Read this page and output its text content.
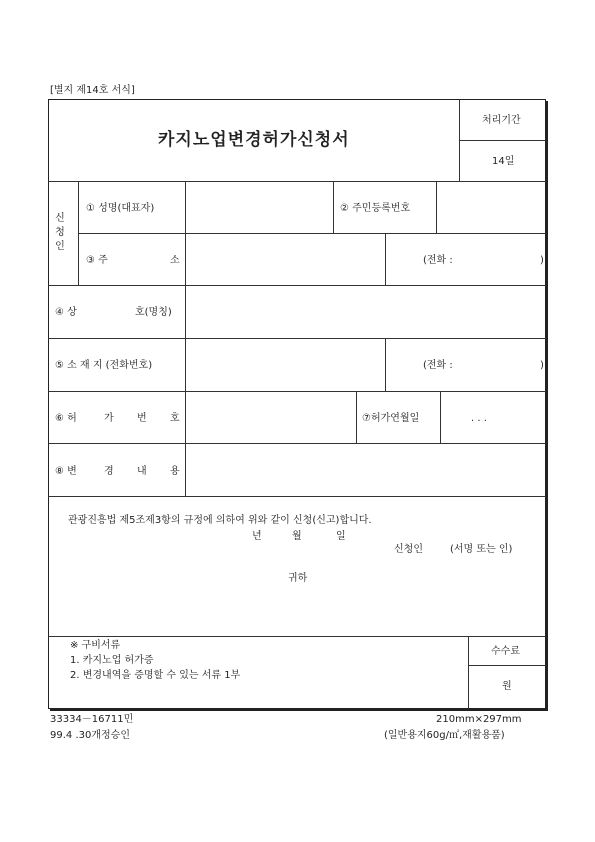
[별지 제14호 서식]
카지노업변경허가신청서
처리기간
14일
신
청
인
① 성명(대표자)	② 주민등록번호
③ 주	소	(전화 :	)
④ 상	호(명칭)
⑤ 소 재 지 (전화번호)	(전화 :	)
⑥ 허	가 번 호	⑦허가연월일	. . .
⑧ 변	경 내 용
관광진흥법 제5조제3항의 규정에 의하여 위와 같이 신청(신고)합니다.
년	월	일
신청인	(서명 또는 인)
귀하
※ 구비서류
1. 카지노업 허가증
2. 변경내역을 증명할 수 있는 서류 1부
수수료
원
33334－16711민
99.4 .30개정승인
210mm×297mm
(일반용지60g/㎡,재활용품)
